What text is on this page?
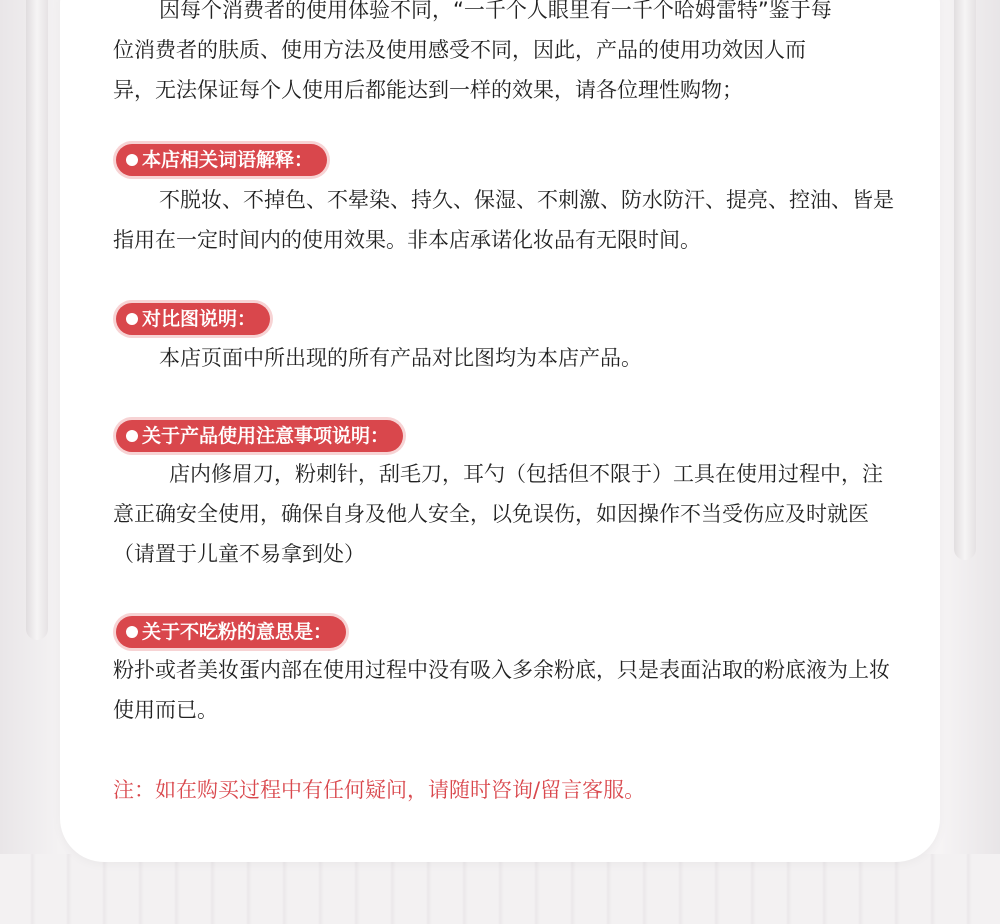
因每个消费者的使用体验不同，“一千个人眼里有一千个哈姆雷特”鉴于每
位消费者的肤质、使用方法及使用感受不同，因此，产品的使用功效因人而
异，无法保证每个人使用后都能达到一样的效果，请各位理性购物；
本店相关词语解释：
不脱妆、不掉色、不晕染、持久、保湿、不刺激、防水防汗、提亮、控油、皆是指用在一定时间内的使用效果。非本店承诺化妆品有无限时间。
对比图说明：
本店页面中所出现的所有产品对比图均为本店产品。
关于产品使用注意事项说明：
店内修眉刀，粉刺针，刮毛刀，耳勺（包括但不限于）工具在使用过程中，注意正确安全使用，确保自身及他人安全，以免误伤，如因操作不当受伤应及时就医（请置于儿童不易拿到处）
关于不吃粉的意思是：
粉扑或者美妆蛋内部在使用过程中没有吸入多余粉底，只是表面沾取的粉底液为上妆使用而已。
注：如在购买过程中有任何疑问，请随时咨询/留言客服。
